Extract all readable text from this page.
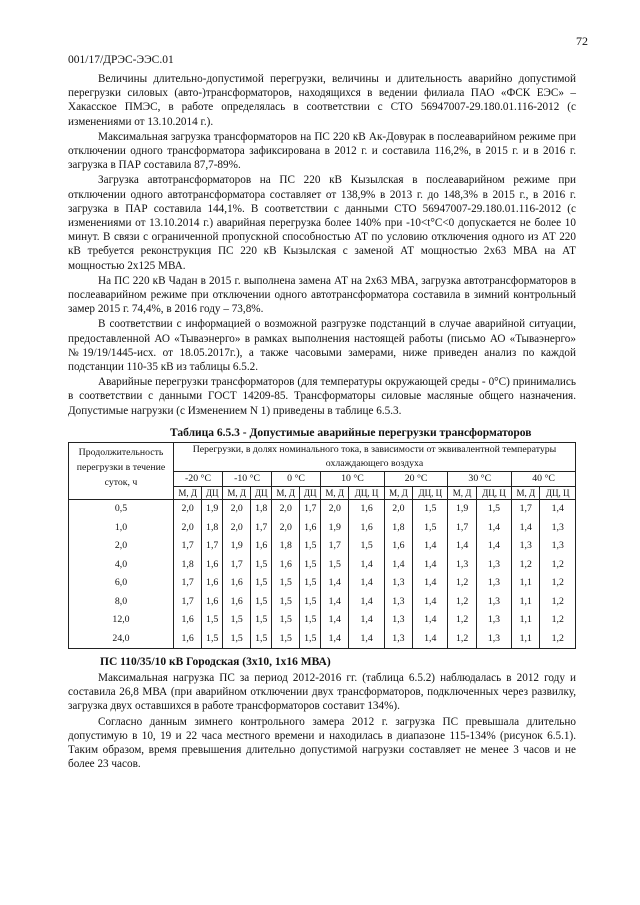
72
001/17/ДРЭС-ЭЭС.01

Величины длительно-допустимой перегрузки, величины и длительность аварийно допустимой перегрузки силовых (авто-)трансформаторов, находящихся в ведении филиала ПАО «ФСК ЕЭС» – Хакасское ПМЭС, в работе определялась в соответствии с СТО 56947007-29.180.01.116-2012 (с изменениями от 13.10.2014 г.).

Максимальная загрузка трансформаторов на ПС 220 кВ Ак-Довурак в послеаварийном режиме при отключении одного трансформатора зафиксирована в 2012 г. и составила 116,2%, в 2015 г. и в 2016 г. загрузка в ПАР составила 87,7-89%.

Загрузка автотрансформаторов на ПС 220 кВ Кызылская в послеаварийном режиме при отключении одного автотрансформатора составляет от 138,9% в 2013 г. до 148,3% в 2015 г., в 2016 г. загрузка в ПАР составила 144,1%. В соответствии с данными СТО 56947007-29.180.01.116-2012 (с изменениями от 13.10.2014 г.) аварийная перегрузка более 140% при -10<t°C<0 допускается не более 10 минут. В связи с ограниченной пропускной способностью АТ по условию отключения одного из АТ 220 кВ требуется реконструкция ПС 220 кВ Кызылская с заменой АТ мощностью 2х63 МВА на АТ мощностью 2х125 МВА.

На ПС 220 кВ Чадан в 2015 г. выполнена замена АТ на 2х63 МВА, загрузка автотрансформаторов в послеаварийном режиме при отключении одного автотрансформатора составила в зимний контрольный замер 2015 г. 74,4%, в 2016 году – 73,8%.

В соответствии с информацией о возможной разгрузке подстанций в случае аварийной ситуации, предоставленной АО «Тываэнерго» в рамках выполнения настоящей работы (письмо АО «Тываэнерго» №19/19/1445-исх. от 18.05.2017г.), а также часовыми замерами, ниже приведен анализ по каждой подстанции 110-35 кВ из таблицы 6.5.2.

Аварийные перегрузки трансформаторов (для температуры окружающей среды - 0°С) принимались в соответствии с данными ГОСТ 14209-85. Трансформаторы силовые масляные общего назначения. Допустимые нагрузки (с Изменением N 1) приведены в таблице 6.5.3.

Таблица 6.5.3 - Допустимые аварийные перегрузки трансформаторов
Продолжительность перегрузки в течение суток, ч	Перегрузки, в долях номинального тока, в зависимости от эквивалентной температуры охлаждающего воздуха													
	-20 °С		-10 °С		0 °С		10 °С		20 °С		30 °С		40 °С	
	М, Д	ДЦ	М, Д	ДЦ	М, Д	ДЦ	М, Д	ДЦ, Ц	М, Д	ДЦ, Ц	М, Д	ДЦ, Ц	М, Д	ДЦ, Ц
0,5	2,0	1,9	2,0	1,8	2,0	1,7	2,0	1,6	2,0	1,5	1,9	1,5	1,7	1,4
1,0	2,0	1,8	2,0	1,7	2,0	1,6	1,9	1,6	1,8	1,5	1,7	1,4	1,4	1,3
2,0	1,7	1,7	1,9	1,6	1,8	1,5	1,7	1,5	1,6	1,4	1,4	1,4	1,3	1,3
4,0	1,8	1,6	1,7	1,5	1,6	1,5	1,5	1,4	1,4	1,4	1,3	1,3	1,2	1,2
6,0	1,7	1,6	1,6	1,5	1,5	1,5	1,4	1,4	1,3	1,4	1,2	1,3	1,1	1,2
8,0	1,7	1,6	1,6	1,5	1,5	1,5	1,4	1,4	1,3	1,4	1,2	1,3	1,1	1,2
12,0	1,6	1,5	1,5	1,5	1,5	1,5	1,4	1,4	1,3	1,4	1,2	1,3	1,1	1,2
24,0	1,6	1,5	1,5	1,5	1,5	1,5	1,4	1,4	1,3	1,4	1,2	1,3	1,1	1,2
ПС 110/35/10 кВ Городская (3х10, 1х16 МВА)

Максимальная нагрузка ПС за период 2012-2016 гг. (таблица 6.5.2) наблюдалась в 2012 году и составила 26,8 МВА (при аварийном отключении двух трансформаторов, подключенных через развилку, загрузка двух оставшихся в работе трансформаторов составит 134%).

Согласно данным зимнего контрольного замера 2012 г. загрузка ПС превышала длительно допустимую в 10, 19 и 22 часа местного времени и находилась в диапазоне 115-134% (рисунок 6.5.1). Таким образом, время превышения длительно допустимой нагрузки составляет не менее 3 часов и не более 23 часов.
